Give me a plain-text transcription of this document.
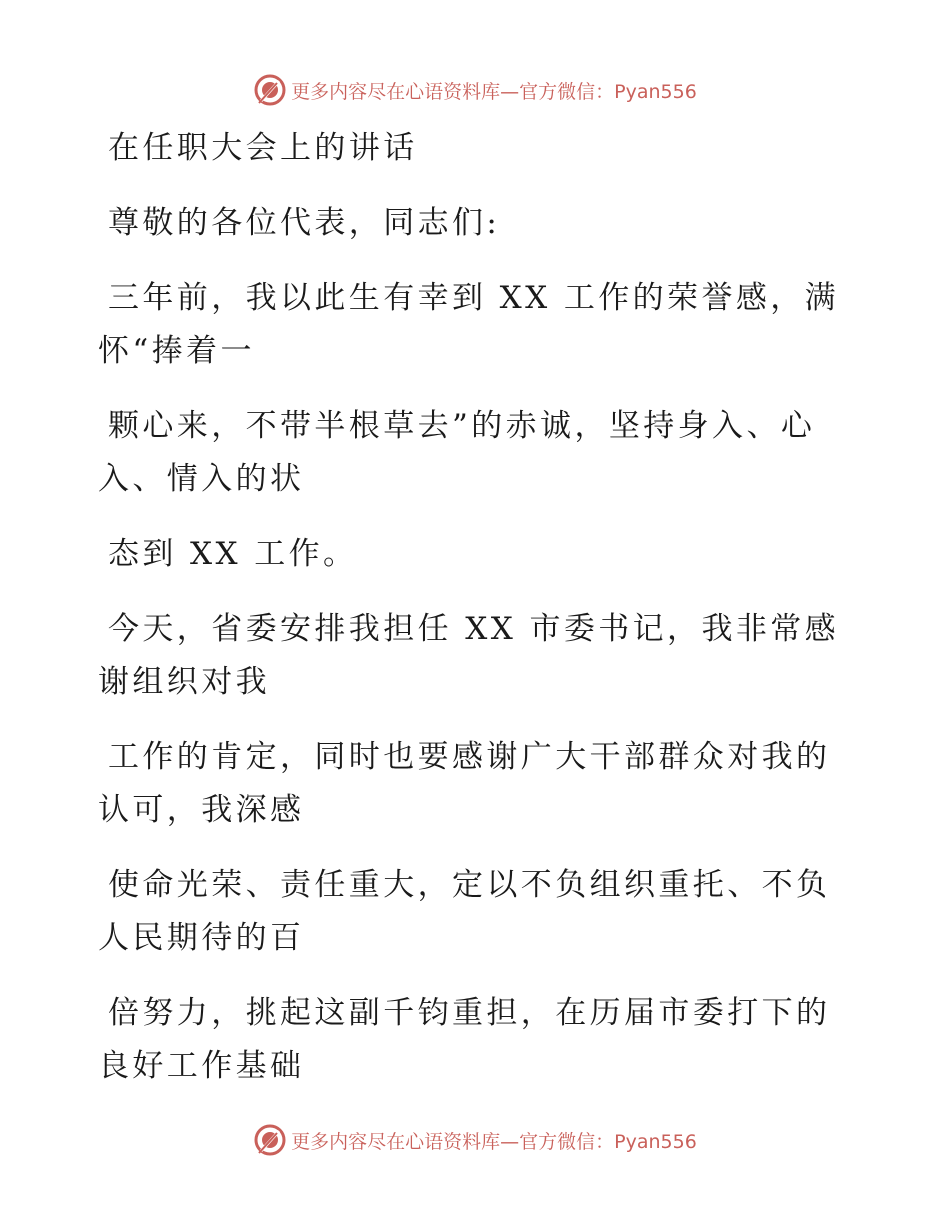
更多内容尽在心语资料库—官方微信：Pyan556

在任职大会上的讲话

尊敬的各位代表，同志们:

三年前，我以此生有幸到 XX 工作的荣誉感，满

怀“捧着一

颗心来，不带半根草去”的赤诚，坚持身入、心

入、情入的状

态到 XX 工作。

今天，省委安排我担任 XX 市委书记，我非常感

谢组织对我

工作的肯定，同时也要感谢广大干部群众对我的

认可，我深感

使命光荣、责任重大，定以不负组织重托、不负

人民期待的百

倍努力，挑起这副千钧重担，在历届市委打下的

良好工作基础

更多内容尽在心语资料库—官方微信：Pyan556
